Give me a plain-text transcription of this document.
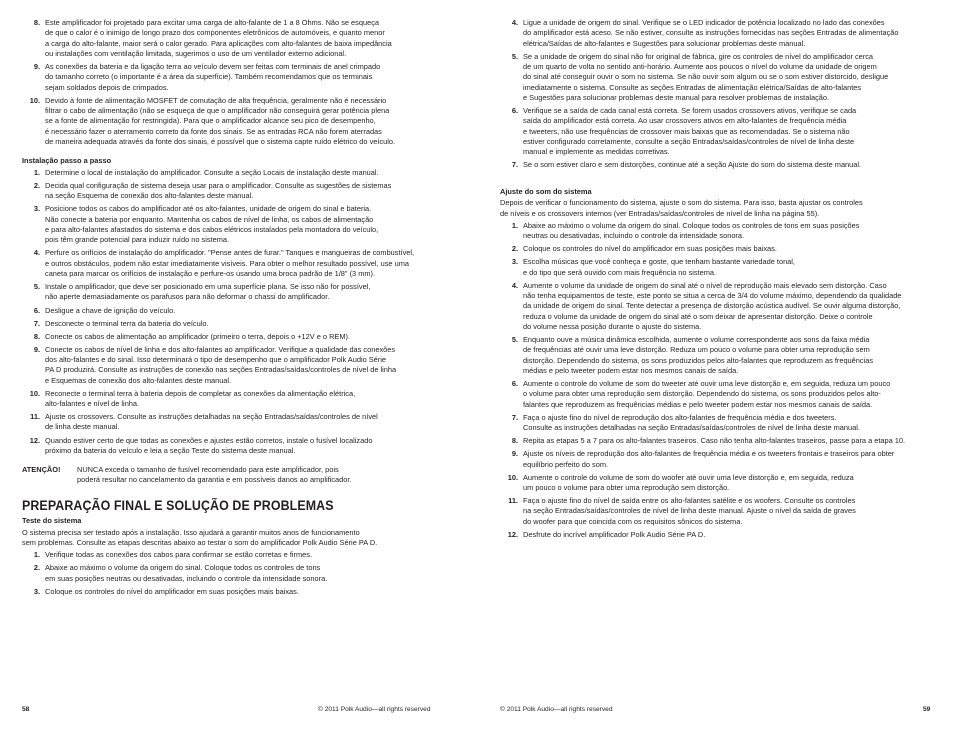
8. Este amplificador foi projetado para excitar uma carga de alto-falante de 1 a 8 Ohms. Não se esqueça
de que o calor é o inimigo de longo prazo dos componentes eletrônicos de automóveis, e quanto menor
a carga do alto-falante, maior será o calor gerado. Para aplicações com alto-falantes de baixa impedância
ou instalações com ventilação limitada, sugerimos o uso de um ventilador externo adicional.
9. As conexões da bateria e da ligação terra ao veículo devem ser feitas com terminais de anel crimpado
do tamanho correto (o importante é a área da superfície). Também recomendamos que os terminais
sejam soldados depois de crimpados.
10. Devido à fonte de alimentação MOSFET de comutação de alta frequência, geralmente não é necessário
filtrar o cabo de alimentação (não se esqueça de que o amplificador não conseguirá gerar potência plena
se a fonte de alimentação for restringida). Para que o amplificador alcance seu pico de desempenho,
é necessário fazer o aterramento correto da fonte dos sinais. Se as entradas RCA não forem aterradas
de maneira adequada através da fonte dos sinais, é possível que o sistema capte ruído elétrico do veículo.
Instalação passo a passo
1. Determine o local de instalação do amplificador. Consulte a seção Locais de instalação deste manual.
2. Decida qual configuração de sistema deseja usar para o amplificador. Consulte as sugestões de sistemas
na seção Esquema de conexão dos alto-falantes deste manual.
3. Posicione todos os cabos do amplificador até os alto-falantes, unidade de origem do sinal e bateria.
Não conecte a bateria por enquanto. Mantenha os cabos de nível de linha, os cabos de alimentação
e para alto-falantes afastados do sistema e dos cabos elétricos instalados pela montadora do veículo,
pois têm grande potencial para induzir ruído no sistema.
4. Perfure os orifícios de instalação do amplificador. "Pense antes de furar." Tanques e mangueiras de combustível,
e outros obstáculos, podem não estar imediatamente visíveis. Para obter o melhor resultado possível, use uma
caneta para marcar os orifícios de instalação e perfure-os usando uma broca padrão de 1/8" (3 mm).
5. Instale o amplificador, que deve ser posicionado em uma superfície plana. Se isso não for possível,
não aperte demasiadamente os parafusos para não deformar o chassi do amplificador.
6. Desligue a chave de ignição do veículo.
7. Desconecte o terminal terra da bateria do veículo.
8. Conecte os cabos de alimentação ao amplificador (primeiro o terra, depois o +12V e o REM).
9. Conecte os cabos de nível de linha e dos alto-falantes ao amplificador. Verifique a qualidade das conexões
dos alto-falantes e do sinal. Isso determinará o tipo de desempenho que o amplificador Polk Audio Série
PA D produzirá. Consulte as instruções de conexão nas seções Entradas/saídas/controles de nível de linha
e Esquemas de conexão dos alto-falantes deste manual.
10. Reconecte o terminal terra à bateria depois de completar as conexões da alimentação elétrica,
alto-falantes e nível de linha.
11. Ajuste os crossovers. Consulte as instruções detalhadas na seção Entradas/saídas/controles de nível
de linha deste manual.
12. Quando estiver certo de que todas as conexões e ajustes estão corretos, instale o fusível localizado
próximo da bateria do veículo e leia a seção Teste do sistema deste manual.
ATENÇÃO!	NUNCA exceda o tamanho de fusível recomendado para este amplificador, pois
poderá resultar no cancelamento da garantia e em possíveis danos ao amplificador.
PREPARAÇÃO FINAL E SOLUÇÃO DE PROBLEMAS
Teste do sistema
O sistema precisa ser testado após a instalação. Isso ajudará a garantir muitos anos de funcionamento
sem problemas. Consulte as etapas descritas abaixo ao testar o som do amplificador Polk Audio Série PA D.
1. Verifique todas as conexões dos cabos para confirmar se estão corretas e firmes.
2. Abaixe ao máximo o volume da origem do sinal. Coloque todos os controles de tons
em suas posições neutras ou desativadas, incluindo o controle da intensidade sonora.
3. Coloque os controles do nível do amplificador em suas posições mais baixas.
58	© 2011 Polk Audio—all rights reserved
4. Ligue a unidade de origem do sinal. Verifique se o LED indicador de potência localizado no lado das conexões
do amplificador está aceso. Se não estiver, consulte as instruções fornecidas nas seções Entradas de alimentação
elétrica/Saídas de alto-falantes e Sugestões para solucionar problemas deste manual.
5. Se a unidade de origem do sinal não for original de fábrica, gire os controles de nível do amplificador cerca
de um quarto de volta no sentido anti-horário. Aumente aos poucos o nível do volume da unidade de origem
do sinal até conseguir ouvir o som no sistema. Se não ouvir som algum ou se o som estiver distorcido, desligue
imediatamente o sistema. Consulte as seções Entradas de alimentação elétrica/Saídas de alto-falantes
e Sugestões para solucionar problemas deste manual para resolver problemas de instalação.
6. Verifique se a saída de cada canal está correta. Se forem usados crossovers ativos, verifique se cada
saída do amplificador está correta. Ao usar crossovers ativos em alto-falantes de frequência média
e tweeters, não use frequências de crossover mais baixas que as recomendadas. Se o sistema não
estiver configurado corretamente, consulte a seção Entradas/saídas/controles de nível de linha deste
manual e implemente as medidas corretivas.
7. Se o som estiver claro e sem distorções, continue até a seção Ajuste do som do sistema deste manual.
Ajuste do som do sistema
Depois de verificar o funcionamento do sistema, ajuste o som do sistema. Para isso, basta ajustar os controles
de níveis e os crossovers internos (ver Entradas/saídas/controles de nível de linha na página 55).
1. Abaixe ao máximo o volume da origem do sinal. Coloque todos os controles de tons em suas posições
neutras ou desativadas, incluindo o controle da intensidade sonora.
2. Coloque os controles do nível do amplificador em suas posições mais baixas.
3. Escolha músicas que você conheça e goste, que tenham bastante variedade tonal,
e do tipo que será ouvido com mais frequência no sistema.
4. Aumente o volume da unidade de origem do sinal até o nível de reprodução mais elevado sem distorção. Caso
não tenha equipamentos de teste, este ponto se situa a cerca de 3/4 do volume máximo, dependendo da qualidade
da unidade de origem do sinal. Tente detectar a presença de distorção acústica audível. Se ouvir alguma distorção,
reduza o volume da unidade de origem do sinal até o som deixar de apresentar distorção. Deixe o controle
do volume nessa posição durante o ajuste do sistema.
5. Enquanto ouve a música dinâmica escolhida, aumente o volume correspondente aos sons da faixa média
de frequências até ouvir uma leve distorção. Reduza um pouco o volume para obter uma reprodução sem
distorção. Dependendo do sistema, os sons produzidos pelos alto-falantes que reproduzem as frequências
médias e pelo tweeter podem estar nos mesmos canais de saída.
6. Aumente o controle do volume de som do tweeter até ouvir uma leve distorção e, em seguida, reduza um pouco
o volume para obter uma reprodução sem distorção. Dependendo do sistema, os sons produzidos pelos alto-
falantes que reproduzem as frequências médias e pelo tweeter podem estar nos mesmos canais de saída.
7. Faça o ajuste fino do nível de reprodução dos alto-falantes de frequência média e dos tweeters.
Consulte as instruções detalhadas na seção Entradas/saídas/controles de nível de linha deste manual.
8. Repita as etapas 5 a 7 para os alto-falantes traseiros. Caso não tenha alto-falantes traseiros, passe para a etapa 10.
9. Ajuste os níveis de reprodução dos alto-falantes de frequência média e os tweeters frontais e traseiros para obter
equilíbrio perfeito do som.
10. Aumente o controle do volume de som do woofer até ouvir uma leve distorção e, em seguida, reduza
um pouco o volume para obter uma reprodução sem distorção.
11. Faça o ajuste fino do nível de saída entre os alto-falantes satélite e os woofers. Consulte os controles
na seção Entradas/saídas/controles de nível de linha deste manual. Ajuste o nível da saída de graves
do woofer para que coincida com os requisitos sônicos do sistema.
12. Desfrute do incrível amplificador Polk Audio Série PA D.
© 2011 Polk Audio—all rights reserved	59
